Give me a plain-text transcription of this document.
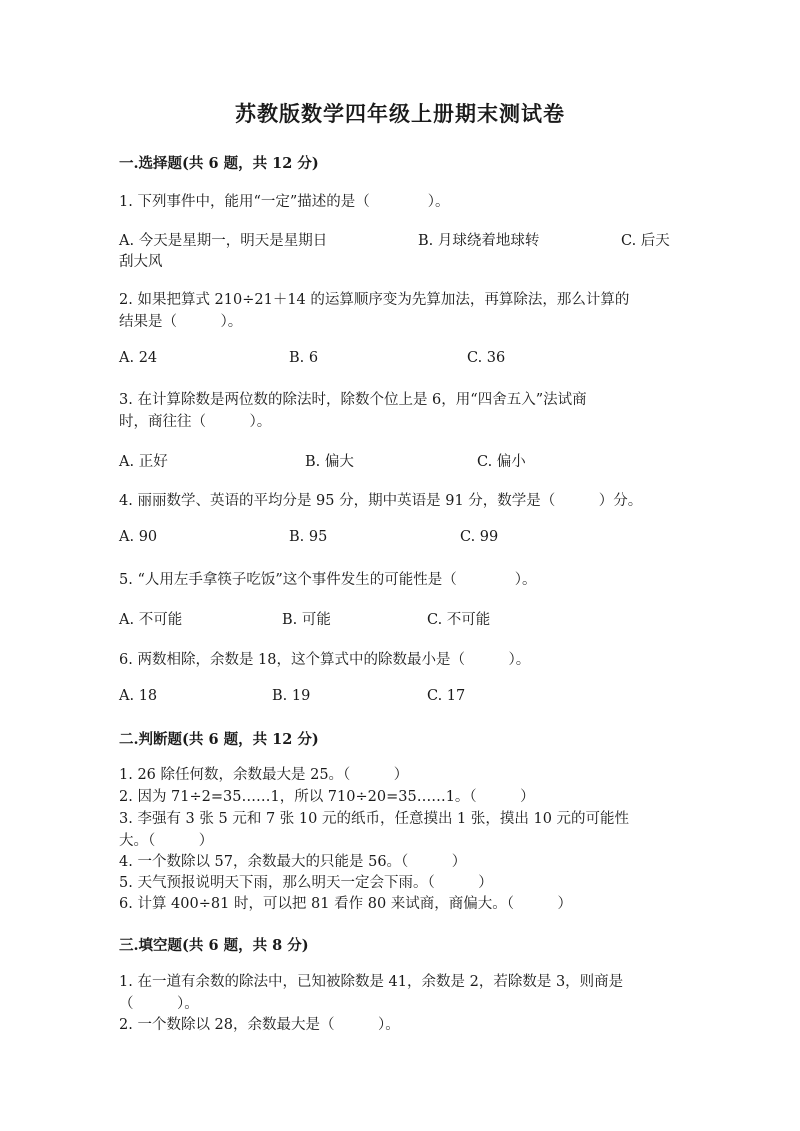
苏教版数学四年级上册期末测试卷
一.选择题(共 6 题，共 12 分)
1. 下列事件中，能用“一定”描述的是（　　　　）。
A. 今天是星期一，明天是星期日	B. 月球绕着地球转	C. 后天
刮大风
2. 如果把算式 210÷21＋14 的运算顺序变为先算加法，再算除法，那么计算的
结果是（　　　）。
A. 24	B. 6	C. 36
3. 在计算除数是两位数的除法时，除数个位上是 6，用“四舍五入”法试商
时，商往往（　　　）。
A. 正好	B. 偏大	C. 偏小
4. 丽丽数学、英语的平均分是 95 分，期中英语是 91 分，数学是（　　　）分。
A. 90	B. 95	C. 99
5. “人用左手拿筷子吃饭”这个事件发生的可能性是（　　　　）。
A. 不可能	B. 可能	C. 不可能
6. 两数相除，余数是 18，这个算式中的除数最小是（　　　）。
A. 18	B. 19	C. 17
二.判断题(共 6 题，共 12 分)
1. 26 除任何数，余数最大是 25。（　　　）
2. 因为 71÷2=35……1，所以 710÷20=35……1。（　　　）
3. 李强有 3 张 5 元和 7 张 10 元的纸币，任意摸出 1 张，摸出 10 元的可能性
大。（　　　）
4. 一个数除以 57，余数最大的只能是 56。（　　　）
5. 天气预报说明天下雨，那么明天一定会下雨。（　　　）
6. 计算 400÷81 时，可以把 81 看作 80 来试商，商偏大。（　　　）
三.填空题(共 6 题，共 8 分)
1. 在一道有余数的除法中，已知被除数是 41，余数是 2，若除数是 3，则商是
（　　　）。
2. 一个数除以 28，余数最大是（　　　）。
